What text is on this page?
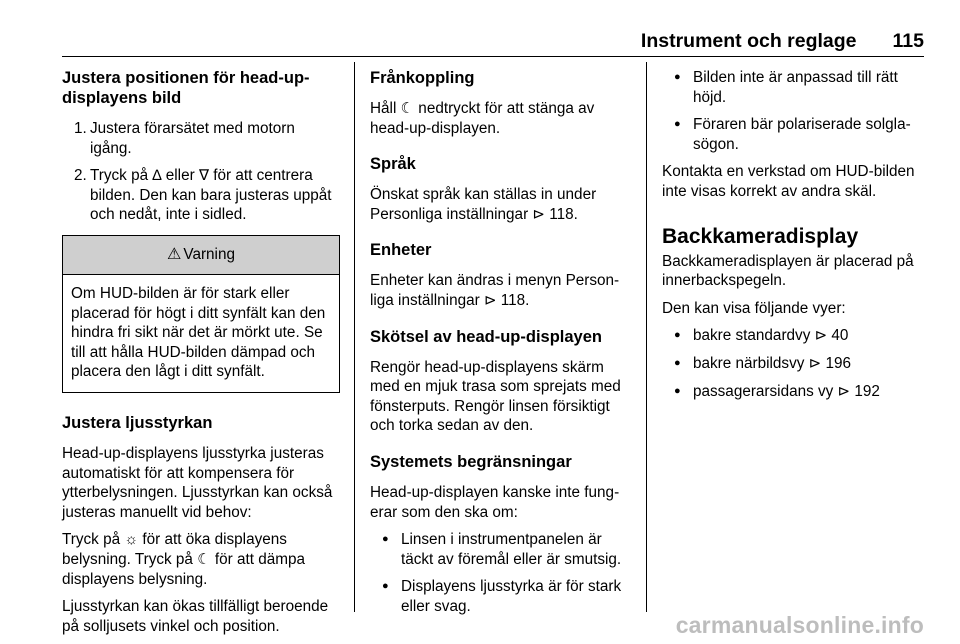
Instrument och reglage 115
Justera positionen för head-up-displayens bild
1. Justera förarsätet med motorn igång.
2. Tryck på ∆ eller ∇ för att centrera bilden. Den kan bara justeras uppåt och nedåt, inte i sidled.
⚠ Varning
Om HUD-bilden är för stark eller placerad för högt i ditt synfält kan den hindra fri sikt när det är mörkt ute. Se till att hålla HUD-bilden dämpad och placera den lågt i ditt synfält.
Justera ljusstyrkan

Head-up-displayens ljusstyrka justeras automatiskt för att kompensera för ytterbelysningen. Ljusstyrkan kan också justeras manuellt vid behov:

Tryck på ☼ för att öka displayens belysning. Tryck på ☾ för att dämpa displayens belysning.

Ljusstyrkan kan ökas tillfälligt beroende på solljusets vinkel och position.

Frånkoppling

Håll ☾ nedtryckt för att stänga av head-up-displayen.

Språk

Önskat språk kan ställas in under Personliga inställningar ⊳ 118.

Enheter

Enheter kan ändras i menyn Personliga inställningar ⊳ 118.

Skötsel av head-up-displayen

Rengör head-up-displayens skärm med en mjuk trasa som sprejats med fönsterputs. Rengör linsen försiktigt och torka sedan av den.

Systemets begränsningar

Head-up-displayen kanske inte fungerar som den ska om:

● Linsen i instrumentpanelen är täckt av föremål eller är smutsig.
● Displayens ljusstyrka är för stark eller svag.
● Bilden inte är anpassad till rätt höjd.
● Föraren bär polariserade solglasögon.

Kontakta en verkstad om HUD-bilden inte visas korrekt av andra skäl.

Backkameradisplay

Backkameradisplayen är placerad på innerbackspegeln.

Den kan visa följande vyer:

● bakre standardvy ⊳ 40
● bakre närbildsvy ⊳ 196
● passagerarsidans vy ⊳ 192
carmanualsonline.info
